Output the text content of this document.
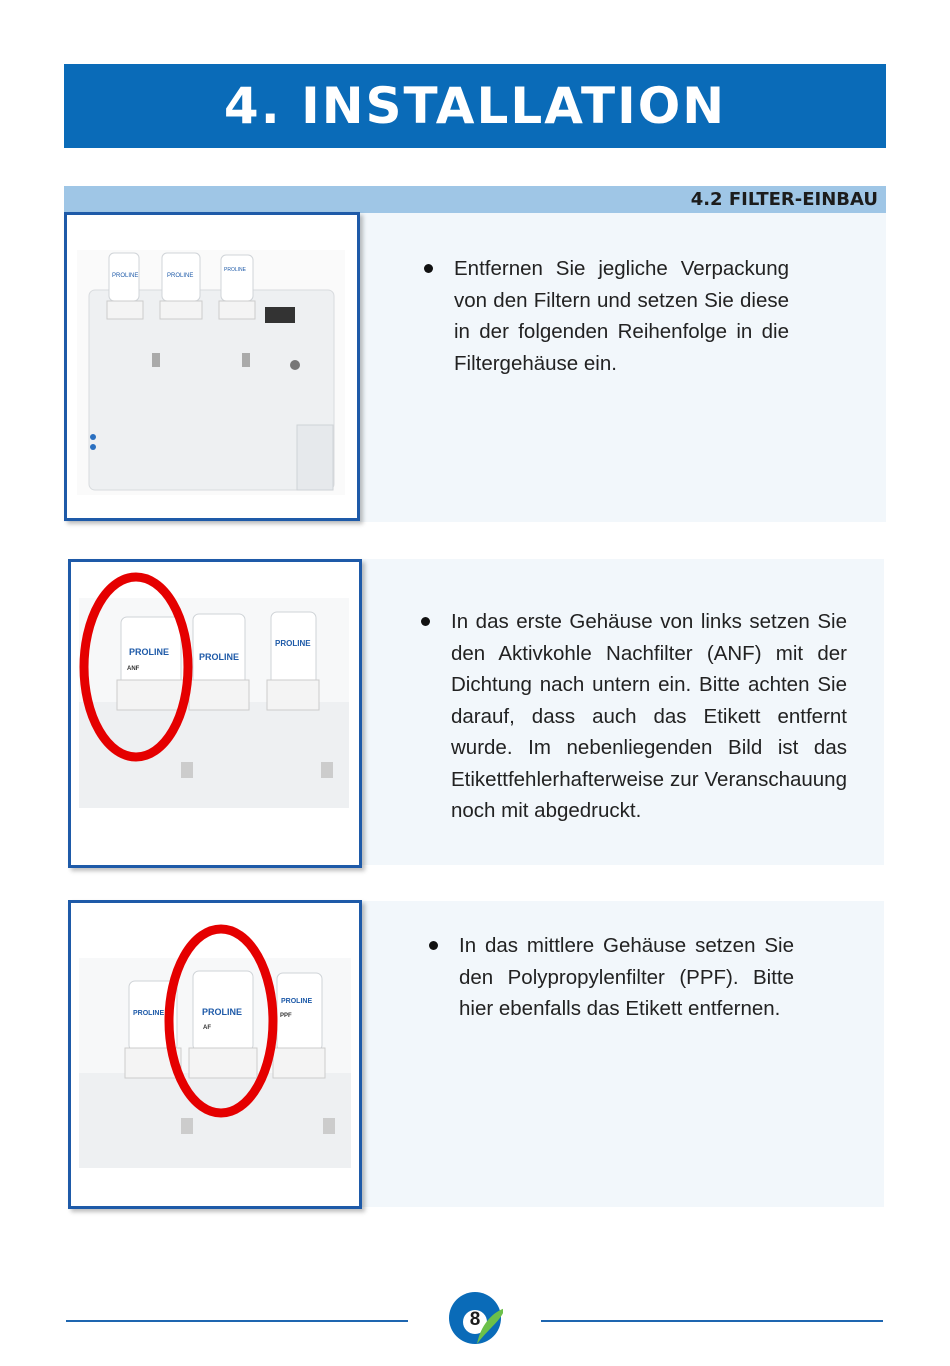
4. INSTALLATION
4.2 FILTER-EINBAU
PROLINE	PROLINE
PROLINE	Entfernen Sie jegliche Verpackung von den Filtern und setzen Sie diese in der folgenden Reihenfolge in die Filtergehäuse ein.
PROLINE	PROLINE
PROLINE
ANF
In das erste Gehäuse von links setzen Sie den Aktivkohle Nachfilter (ANF) mit der Dichtung nach untern ein. Bitte achten Sie darauf, dass auch das Etikett entfernt wurde. Im nebenliegenden Bild ist das Etikettfehlerhafterweise zur Veranschauung noch mit abgedruckt.
PROLINE	PROLINE
PROLINE
AF
PPF
In das mittlere Gehäuse setzen Sie den Polypropylenfilter (PPF). Bitte hier ebenfalls das Etikett entfernen.
8
